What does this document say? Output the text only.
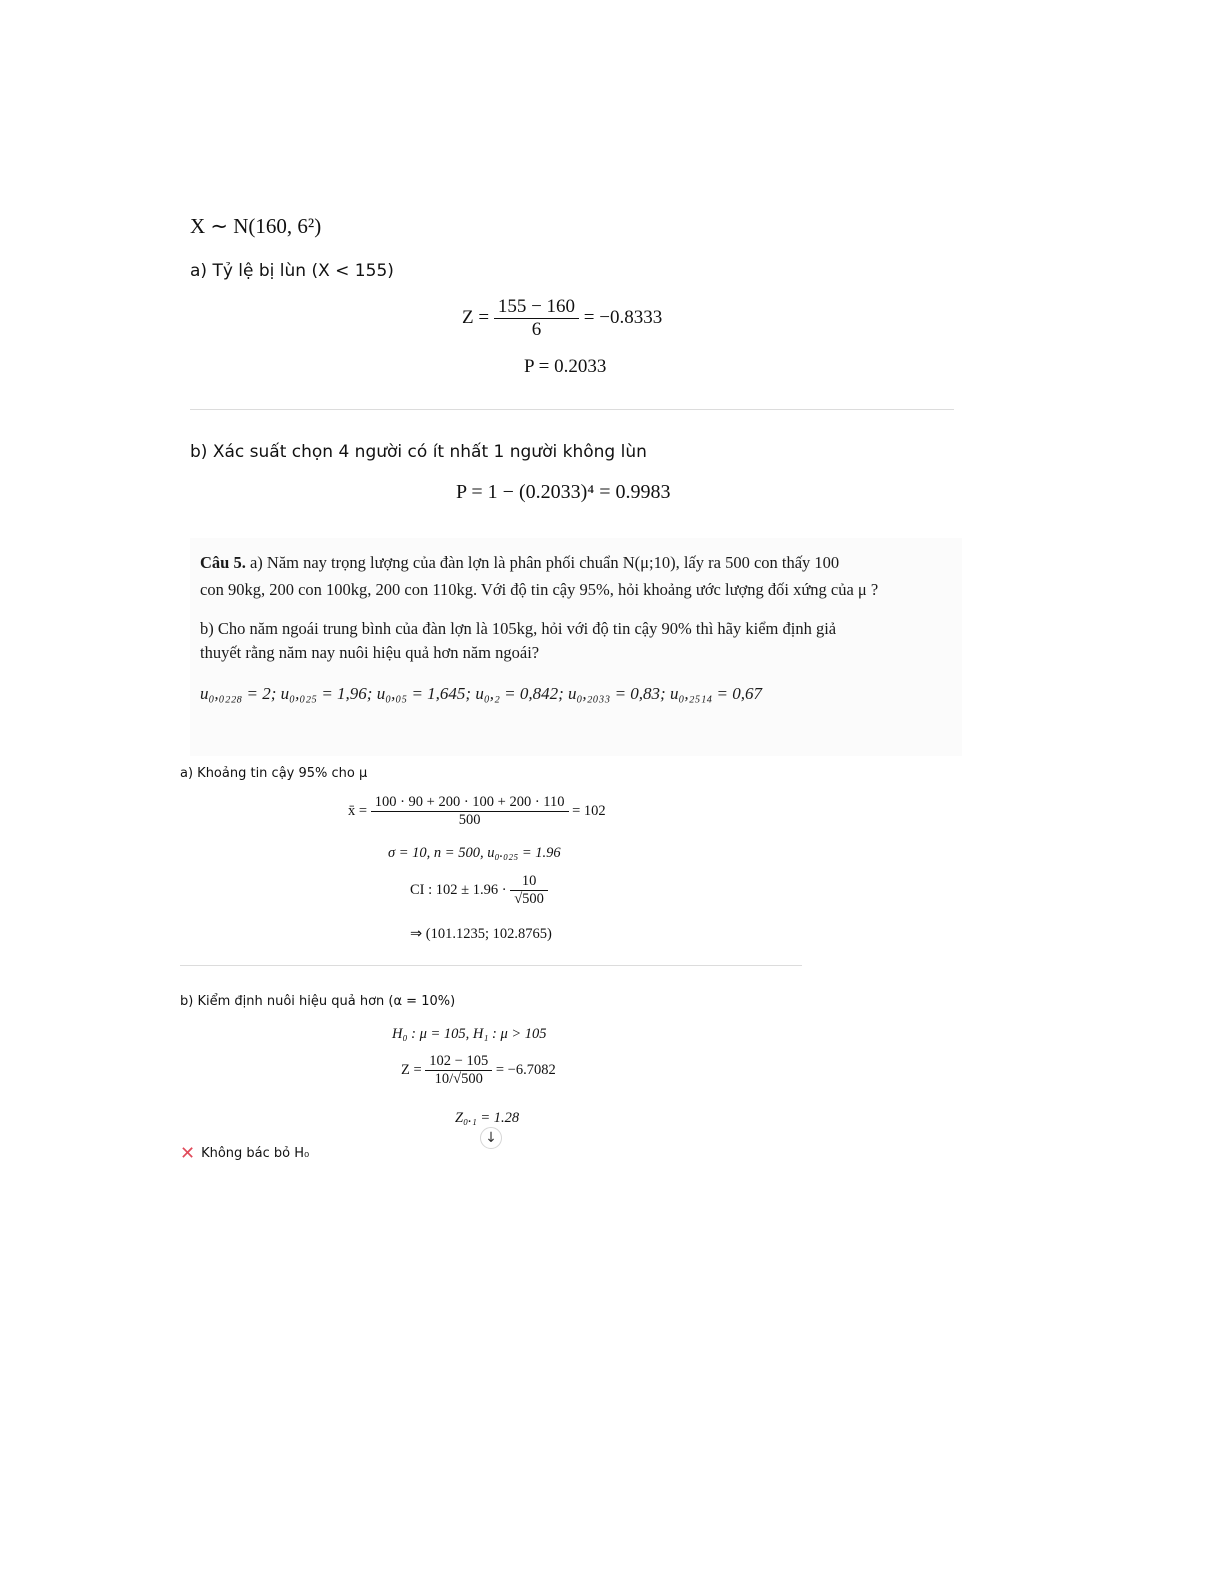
X ∼ N(160, 6²)
a) Tỷ lệ bị lùn (X < 155)
$Z = \frac{155 - 160}{6} = -0.8333$
P = 0.2033
b) Xác suất chọn 4 người có ít nhất 1 người không lùn
P = 1 − (0.2033)⁴ = 0.9983
Câu 5. a) Năm nay trọng lượng của đàn lợn là phân phối chuẩn N(μ;10), lấy ra 500 con thấy 100
con 90kg, 200 con 100kg, 200 con 110kg. Với độ tin cậy 95%, hỏi khoảng ước lượng đối xứng của μ ?
b) Cho năm ngoái trung bình của đàn lợn là 105kg, hỏi với độ tin cậy 90% thì hãy kiểm định giả
thuyết rằng năm nay nuôi hiệu quả hơn năm ngoái?
u₀,₀₂₂₈ = 2; u₀,₀₂₅ = 1,96; u₀,₀₅ = 1,645; u₀,₂ = 0,842; u₀,₂₀₃₃ = 0,83; u₀,₂₅₁₄ = 0,67
a) Khoảng tin cậy 95% cho μ
x̄ = $\frac{100 \cdot 90 + 200 \cdot 100 + 200 \cdot 110}{500} = 102$
σ = 10, n = 500, u₀.₀₂₅ = 1.96
CI : $102 \pm 1.96 \cdot \frac{10}{√500}$
⇒ (101.1235; 102.8765)
b) Kiểm định nuôi hiệu quả hơn (α = 10%)
H₀ : μ = 105, H₁ : μ > 105
$Z = \frac{102 - 105}{10/√500} = -6.7082$
Z₀.₁ = 1.28
↓
✕ Không bác bỏ H₀
